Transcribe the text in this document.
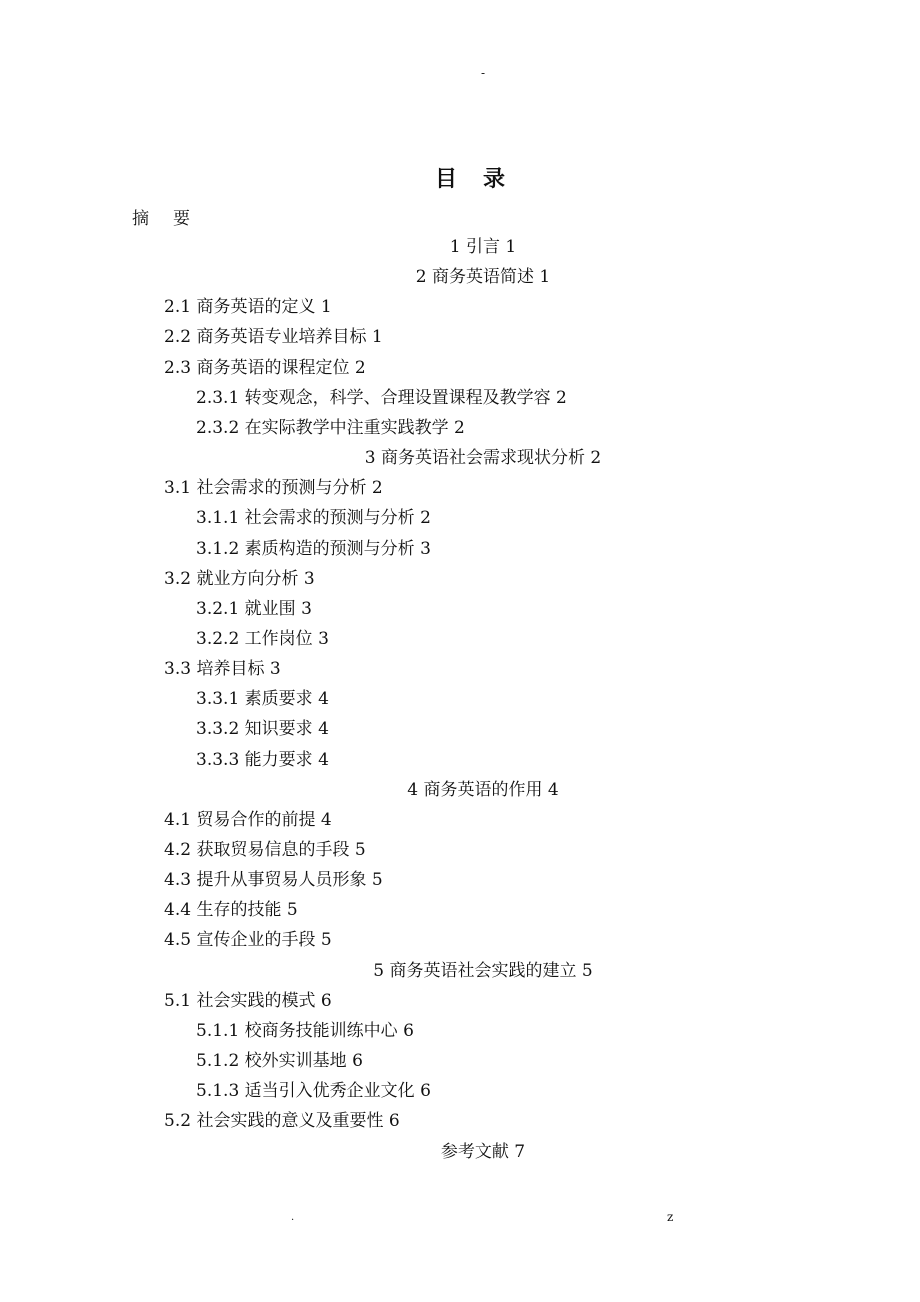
-
目录
摘要
1 引言 1
2 商务英语简述 1
2.1 商务英语的定义 1
2.2 商务英语专业培养目标 1
2.3 商务英语的课程定位 2
2.3.1 转变观念，科学、合理设置课程及教学容 2
2.3.2 在实际教学中注重实践教学 2
3 商务英语社会需求现状分析 2
3.1 社会需求的预测与分析 2
3.1.1 社会需求的预测与分析 2
3.1.2 素质构造的预测与分析 3
3.2 就业方向分析 3
3.2.1 就业围 3
3.2.2 工作岗位 3
3.3 培养目标 3
3.3.1 素质要求 4
3.3.2 知识要求 4
3.3.3 能力要求 4
4 商务英语的作用 4
4.1 贸易合作的前提 4
4.2 获取贸易信息的手段 5
4.3 提升从事贸易人员形象 5
4.4 生存的技能 5
4.5 宣传企业的手段 5
5 商务英语社会实践的建立 5
5.1 社会实践的模式 6
5.1.1 校商务技能训练中心 6
5.1.2 校外实训基地 6
5.1.3 适当引入优秀企业文化 6
5.2 社会实践的意义及重要性 6
参考文献 7
.	z
